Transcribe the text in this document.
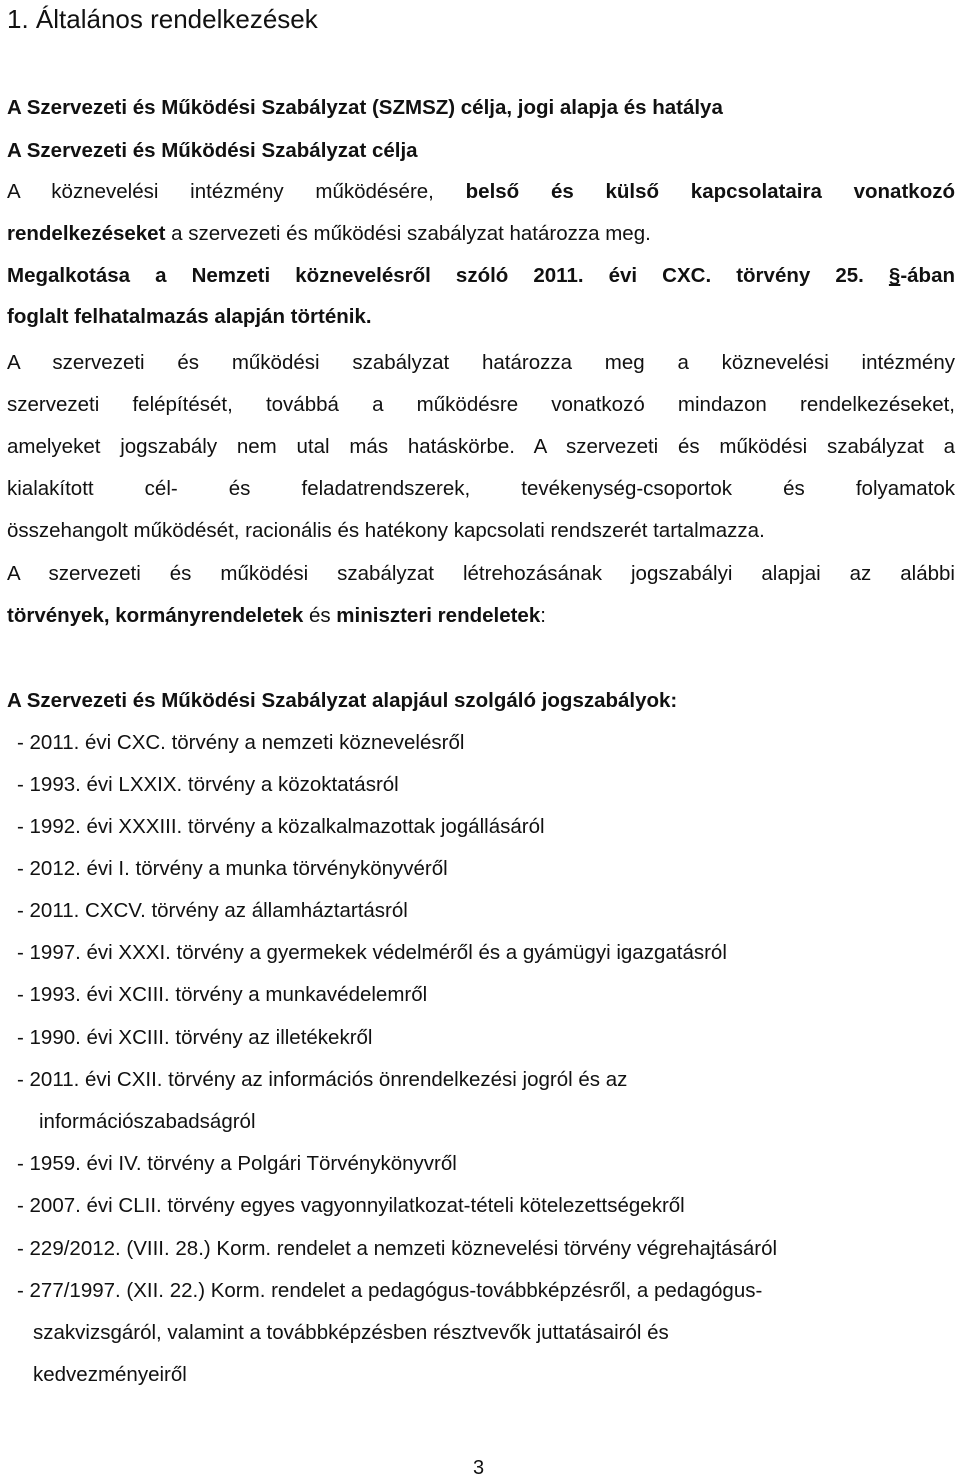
1. Általános rendelkezések
A Szervezeti és Működési Szabályzat (SZMSZ) célja, jogi alapja és hatálya
A Szervezeti és Működési Szabályzat célja
A köznevelési intézmény működésére, belső és külső kapcsolataira vonatkozó
rendelkezéseket a szervezeti és működési szabályzat határozza meg.
Megalkotása a Nemzeti köznevelésről szóló 2011. évi CXC. törvény 25. §-ában
foglalt felhatalmazás alapján történik.
A szervezeti és működési szabályzat határozza meg a köznevelési intézmény
szervezeti felépítését, továbbá a működésre vonatkozó mindazon rendelkezéseket,
amelyeket jogszabály nem utal más hatáskörbe. A szervezeti és működési szabályzat a
kialakított cél- és feladatrendszerek, tevékenység-csoportok és folyamatok
összehangolt működését, racionális és hatékony kapcsolati rendszerét tartalmazza.
A szervezeti és működési szabályzat létrehozásának jogszabályi alapjai az alábbi
törvények, kormányrendeletek és miniszteri rendeletek:
A Szervezeti és Működési Szabályzat alapjául szolgáló jogszabályok:
- 2011. évi CXC. törvény a nemzeti köznevelésről
- 1993. évi LXXIX. törvény a közoktatásról
- 1992. évi XXXIII. törvény a közalkalmazottak jogállásáról
- 2012. évi I. törvény a munka törvénykönyvéről
- 2011. CXCV. törvény az államháztartásról
- 1997. évi XXXI. törvény a gyermekek védelméről és a gyámügyi igazgatásról
- 1993. évi XCIII. törvény a munkavédelemről
- 1990. évi XCIII. törvény az illetékekről
- 2011. évi CXII. törvény az információs önrendelkezési jogról és az
információszabadságról
- 1959. évi IV. törvény a Polgári Törvénykönyvről
- 2007. évi CLII. törvény egyes vagyonnyilatkozat-tételi kötelezettségekről
- 229/2012. (VIII. 28.) Korm. rendelet a nemzeti köznevelési törvény végrehajtásáról
- 277/1997. (XII. 22.) Korm. rendelet a pedagógus-továbbképzésről, a pedagógus-
szakvizsgáról, valamint a továbbképzésben résztvevők juttatásairól és
kedvezményeiről
3
